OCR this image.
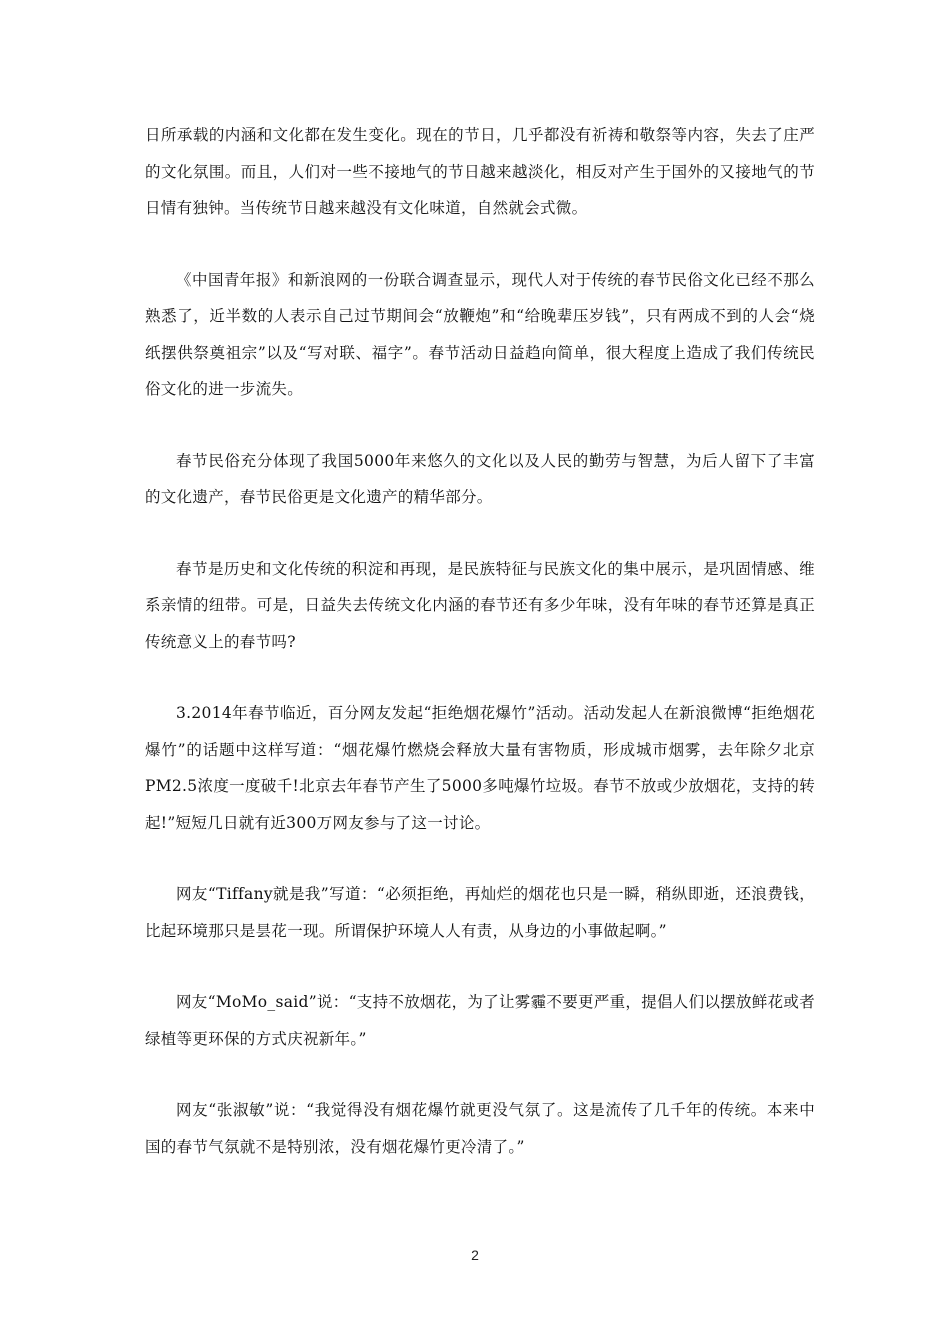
日所承载的内涵和文化都在发生变化。现在的节日，几乎都没有祈祷和敬祭等内容，失去了庄严的文化氛围。而且，人们对一些不接地气的节日越来越淡化，相反对产生于国外的又接地气的节日情有独钟。当传统节日越来越没有文化味道，自然就会式微。

《中国青年报》和新浪网的一份联合调查显示，现代人对于传统的春节民俗文化已经不那么熟悉了，近半数的人表示自己过节期间会“放鞭炮”和“给晚辈压岁钱”，只有两成不到的人会“烧纸摆供祭奠祖宗”以及“写对联、福字”。春节活动日益趋向简单，很大程度上造成了我们传统民俗文化的进一步流失。

春节民俗充分体现了我国5000年来悠久的文化以及人民的勤劳与智慧，为后人留下了丰富的文化遗产，春节民俗更是文化遗产的精华部分。

春节是历史和文化传统的积淀和再现，是民族特征与民族文化的集中展示，是巩固情感、维系亲情的纽带。可是，日益失去传统文化内涵的春节还有多少年味，没有年味的春节还算是真正传统意义上的春节吗?

3.2014年春节临近，百分网友发起“拒绝烟花爆竹”活动。活动发起人在新浪微博“拒绝烟花爆竹”的话题中这样写道：“烟花爆竹燃烧会释放大量有害物质，形成城市烟雾，去年除夕北京PM2.5浓度一度破千!北京去年春节产生了5000多吨爆竹垃圾。春节不放或少放烟花，支持的转起!”短短几日就有近300万网友参与了这一讨论。

网友“Tiffany就是我”写道：“必须拒绝，再灿烂的烟花也只是一瞬，稍纵即逝，还浪费钱，比起环境那只是昙花一现。所谓保护环境人人有责，从身边的小事做起啊。”

网友“MoMo_said”说：“支持不放烟花，为了让雾霾不要更严重，提倡人们以摆放鲜花或者绿植等更环保的方式庆祝新年。”

网友“张淑敏”说：“我觉得没有烟花爆竹就更没气氛了。这是流传了几千年的传统。本来中国的春节气氛就不是特别浓，没有烟花爆竹更冷清了。”

2
